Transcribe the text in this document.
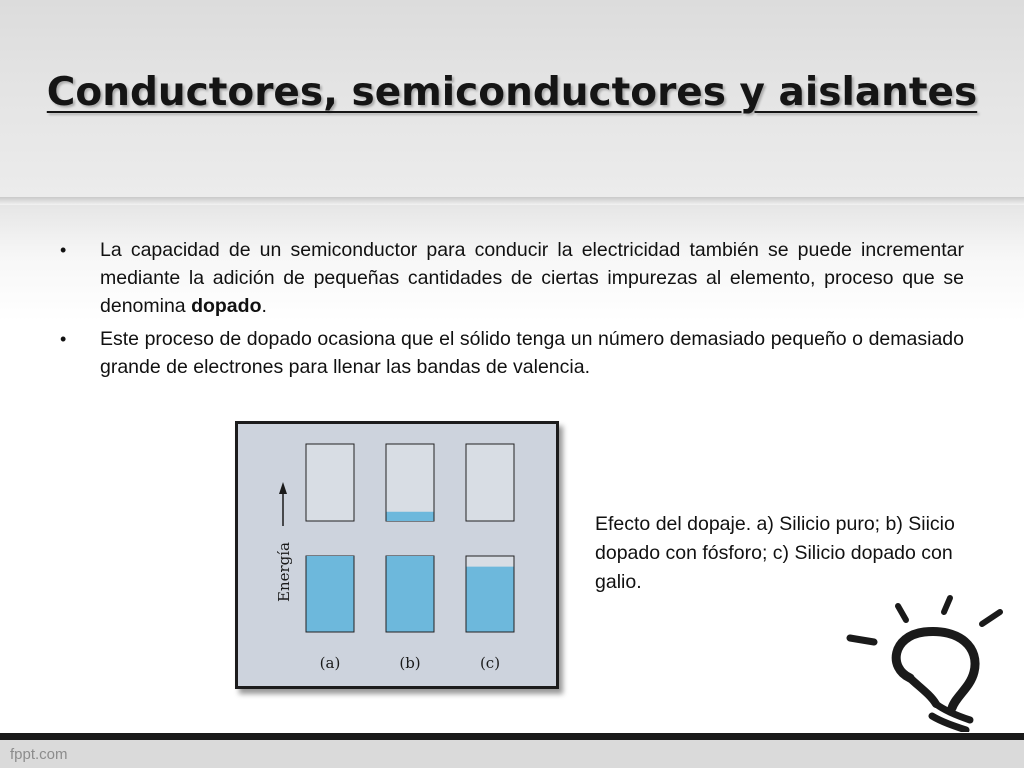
Conductores, semiconductores y aislantes
• La capacidad de un semiconductor para conducir la electricidad también se puede incrementar mediante la adición de pequeñas cantidades de ciertas impurezas al elemento, proceso que se denomina dopado.
• Este proceso de dopado ocasiona que el sólido tenga un número demasiado pequeño o demasiado grande de electrones para llenar las bandas de valencia.
Energía
(a)	(b)	(c)

Efecto del dopaje. a) Silicio puro; b) Siicio dopado con fósforo; c) Silicio dopado con galio.

fppt.com
